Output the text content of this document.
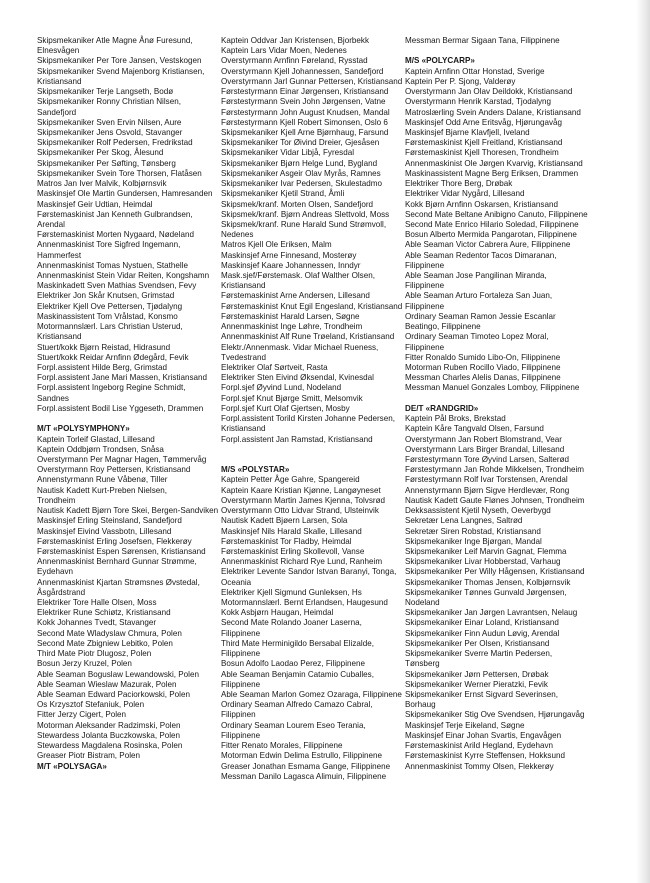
Skipsmekaniker Atle Magne Ånø Furesund,
Elnesvågen
Skipsmekaniker Per Tore Jansen, Vestskogen
Skipsmekaniker Svend Majenborg Kristiansen,
Kristiansand
Skipsmekaniker Terje Langseth, Bodø
Skipsmekaniker Ronny Christian Nilsen,
Sandefjord
Skipsmekaniker Sven Ervin Nilsen, Aure
Skipsmekaniker Jens Osvold, Stavanger
Skipsmekaniker Rolf Pedersen, Fredrikstad
Skipsmekaniker Per Skog, Ålesund
Skipsmekaniker Per Søfting, Tønsberg
Skipsmekaniker Svein Tore Thorsen, Flatåsen
Matros Jan Iver Malvik, Kolbjørnsvik
Maskinsjef Ole Martin Gundersen, Hamresanden
Maskinsjef Geir Udtian, Heimdal
Førstemaskinist Jan Kenneth Gulbrandsen,
Arendal
Førstemaskinist Morten Nygaard, Nødeland
Annenmaskinist Tore Sigfred Ingemann,
Hammerfest
Annenmaskinist Tomas Nystuen, Stathelle
Annenmaskinist Stein Vidar Reiten, Kongshamn
Maskinkadett Sven Mathias Svendsen, Fevy
Elektriker Jon Skår Knutsen, Grimstad
Elektriker Kjell Ove Pettersen, Tjødalyng
Maskinassistent Tom Vrålstad, Konsmo
Motormannslærl. Lars Christian Usterud,
Kristiansand
Stuert/kokk Bjørn Reistad, Hidrasund
Stuert/kokk Reidar Arnfinn Ødegård, Fevik
Forpl.assistent Hilde Berg, Grimstad
Forpl.assistent Jane Mari Massen, Kristiansand
Forpl.assistent Ingeborg Regine Schmidt,
Sandnes
Forpl.assistent Bodil Lise Yggeseth, Drammen
M/T «POLYSYMPHONY»
Kaptein Torleif Glastad, Lillesand
Kaptein Oddbjørn Trondsen, Snåsa
Overstyrmann Per Magnar Hagen, Tømmervåg
Overstyrmann Roy Pettersen, Kristiansand
Annenstyrmann Rune Våbenø, Tiller
Nautisk Kadett Kurt-Preben Nielsen,
Trondheim
Nautisk Kadett Bjørn Tore Skei, Bergen-Sandviken
Maskinsjef Erling Steinsland, Sandefjord
Maskinsjef Eivind Vassbotn, Lillesand
Førstemaskinist Erling Josefsen, Flekkerøy
Førstemaskinist Espen Sørensen, Kristiansand
Annenmaskinist Bernhard Gunnar Strømme,
Eydehavn
Annenmaskinist Kjartan Strømsnes Øvstedal,
Åsgårdstrand
Elektriker Tore Halle Olsen, Moss
Elektriker Rune Schiøtz, Kristiansand
Kokk Johannes Tvedt, Stavanger
Second Mate Wladyslaw Chmura, Polen
Second Mate Zbigniew Lebitko, Polen
Third Mate Piotr Dlugosz, Polen
Bosun Jerzy Kruzel, Polen
Able Seaman Boguslaw Lewandowski, Polen
Able Seaman Wieslaw Mazurak, Polen
Able Seaman Edward Paciorkowski, Polen
Os Krzysztof Stefaniuk, Polen
Fitter Jerzy Cigert, Polen
Motorman Aleksander Radzimski, Polen
Stewardess Jolanta Buczkowska, Polen
Stewardess Magdalena Rosinska, Polen
Greaser Piotr Bistram, Polen
M/T «POLYSAGA»
Kaptein Oddvar Jan Kristensen, Bjorbekk
Kaptein Lars Vidar Moen, Nedenes
Overstyrmann Arnfinn Føreland, Rysstad
Overstyrmann Kjell Johannessen, Sandefjord
Overstyrmann Jarl Gunnar Pettersen, Kristiansand
Førstestyrmann Einar Jørgensen, Kristiansand
Førstestyrmann Svein John Jørgensen, Vatne
Førstestyrmann John August Knudsen, Mandal
Førstestyrmann Kjell Robert Simonsen, Oslo 6
Skipsmekaniker Kjell Arne Bjørnhaug, Farsund
Skipsmekaniker Tor Øivind Dreier, Gjesåsen
Skipsmekaniker Vidar Libjå, Fyresdal
Skipsmekaniker Bjørn Helge Lund, Bygland
Skipsmekaniker Asgeir Olav Myrås, Ramnes
Skipsmekaniker Ivar Pedersen, Skulestadmo
Skipsmekaniker Kjetil Strand, Åmli
Skipsmek/kranf. Morten Olsen, Sandefjord
Skipsmek/kranf. Bjørn Andreas Slettvold, Moss
Skipsmek/kranf. Rune Harald Sund Strømvoll,
Nedenes
Matros Kjell Ole Eriksen, Malm
Maskinsjef Arne Finnesand, Mosterøy
Maskinsjef Kaare Johannessen, Inndyr
Mask.sjef/Førstemask. Olaf Walther Olsen,
Kristiansand
Førstemaskinist Arne Andersen, Lillesand
Førstemaskinist Knut Egil Engesland, Kristiansand
Førstemaskinist Harald Larsen, Søgne
Annenmaskinist Inge Løhre, Trondheim
Annenmaskinist Alf Rune Trøeland, Kristiansand
Elektr./Annenmask. Vidar Michael Rueness,
Tvedestrand
Elektriker Olaf Sørtveit, Rasta
Elektriker Sten Eivind Øksendal, Kvinesdal
Forpl.sjef Øyvind Lund, Nodeland
Forpl.sjef Knut Bjørge Smitt, Melsomvik
Forpl.sjef Kurt Olaf Gjertsen, Mosby
Forpl.assistent Torild Kirsten Johanne Pedersen,
Kristiansand
Forpl.assistent Jan Ramstad, Kristiansand
M/S «POLYSTAR»
Kaptein Petter Åge Gahre, Spangereid
Kaptein Kaare Kristian Kjønne, Langøyneset
Overstyrmann Martin James Kjenna, Tolvsrød
Overstyrmann Otto Lidvar Strand, Ulsteinvik
Nautisk Kadett Bjøern Larsen, Sola
Maskinsjef Nils Harald Skalle, Lillesand
Førstemaskinist Tor Fladby, Heimdal
Førstemaskinist Erling Skollevoll, Vanse
Annenmaskinist Richard Rye Lund, Ranheim
Elektriker Levente Sandor Istvan Baranyi, Tonga,
Oceania
Elektriker Kjell Sigmund Gunleksen, Hs
Motormannslærl. Bernt Erlandsen, Haugesund
Kokk Asbjørn Haugan, Heimdal
Second Mate Rolando Joaner Laserna,
Filippinene
Third Mate Herminigildo Bersabal Elizalde,
Filippinene
Bosun Adolfo Laodao Perez, Filippinene
Able Seaman Benjamin Catamio Cuballes,
Filippinene
Able Seaman Marlon Gomez Ozaraga, Filippinene
Ordinary Seaman Alfredo Camazo Cabral,
Filippinen
Ordinary Seaman Lourem Eseo Terania,
Filippinene
Fitter Renato Morales, Filippinene
Motorman Edwin Delima Estrullo, Filippinene
Greaser Jonathan Esmama Gange, Filippinene
Messman Danilo Lagasca Alimuin, Filippinene
Messman Bermar Sigaan Tana, Filippinene
M/S «POLYCARP»
Kaptein Arnfinn Ottar Honstad, Sverige
Kaptein Per P. Sjong, Valderøy
Overstyrmann Jan Olav Deildokk, Kristiansand
Overstyrmann Henrik Karstad, Tjodalyng
Matroslærling Svein Anders Dalane, Kristiansand
Maskinsjef Odd Arne Eritsvåg, Hjørungavåg
Maskinsjef Bjarne Klavfjell, Iveland
Førstemaskinist Kjell Freitland, Kristiansand
Førstemaskinist Kjell Thoresen, Trondheim
Annenmaskinist Ole Jørgen Kvarvig, Kristiansand
Maskinassistent Magne Berg Eriksen, Drammen
Elektriker Thore Berg, Drøbak
Elektriker Vidar Nygård, Lillesand
Kokk Bjørn Arnfinn Oskarsen, Kristiansand
Second Mate Beltane Anibigno Canuto, Filippinene
Second Mate Enrico Hilario Soledad, Filippinene
Bosun Alberto Mermida Pangarotan, Filippinene
Able Seaman Victor Cabrera Aure, Filippinene
Able Seaman Redentor Tacos Dimaranan,
Filippinene
Able Seaman Jose Pangilinan Miranda,
Filippinene
Able Seaman Arturo Fortaleza San Juan,
Filippinene
Ordinary Seaman Ramon Jessie Escanlar
Beatingo, Filippinene
Ordinary Seaman Timoteo Lopez Moral,
Filippinene
Fitter Ronaldo Sumido Libo-On, Filippinene
Motorman Ruben Rocillo Viado, Filippinene
Messman Charles Alelis Danas, Filippinene
Messman Manuel Gonzales Lomboy, Filippinene
DE/T «RANDGRID»
Kaptein Pål Broks, Brekstad
Kaptein Kåre Tangvald Olsen, Farsund
Overstyrmann Jan Robert Blomstrand, Vear
Overstyrmann Lars Birger Brandal, Lillesand
Førstestyrmann Tore Øyvind Larsen, Salterød
Førstestyrmann Jan Rohde Mikkelsen, Trondheim
Førstestyrmann Rolf Ivar Torstensen, Arendal
Annenstyrmann Bjørn Sigve Herdlevær, Rong
Nautisk Kadett Gaute Flønes Johnsen, Trondheim
Dekksassistent Kjetil Nyseth, Oeverbygd
Sekretær Lena Langnes, Saltrød
Sekretær Siren Robstad, Kristiansand
Skipsmekaniker Inge Bjørgan, Mandal
Skipsmekaniker Leif Marvin Gagnat, Flemma
Skipsmekaniker Livar Hobberstad, Varhaug
Skipsmekaniker Per Willy Hågensen, Kristiansand
Skipsmekaniker Thomas Jensen, Kolbjørnsvik
Skipsmekaniker Tønnes Gunvald Jørgensen,
Nodeland
Skipsmekaniker Jan Jørgen Lavrantsen, Nelaug
Skipsmekaniker Einar Loland, Kristiansand
Skipsmekaniker Finn Audun Løvig, Arendal
Skipsmekaniker Per Olsen, Kristiansand
Skipsmekaniker Sverre Martin Pedersen,
Tønsberg
Skipsmekaniker Jørn Pettersen, Drøbak
Skipsmekaniker Werner Pieratzki, Fevik
Skipsmekaniker Ernst Sigvard Severinsen,
Borhaug
Skipsmekaniker Stig Ove Svendsen, Hjørungavåg
Maskinsjef Terje Eikeland, Søgne
Maskinsjef Einar Johan Svartis, Engavågen
Førstemaskinist Arild Hegland, Eydehavn
Førstemaskinist Kyrre Steffensen, Hokksund
Annenmaskinist Tommy Olsen, Flekkerøy
